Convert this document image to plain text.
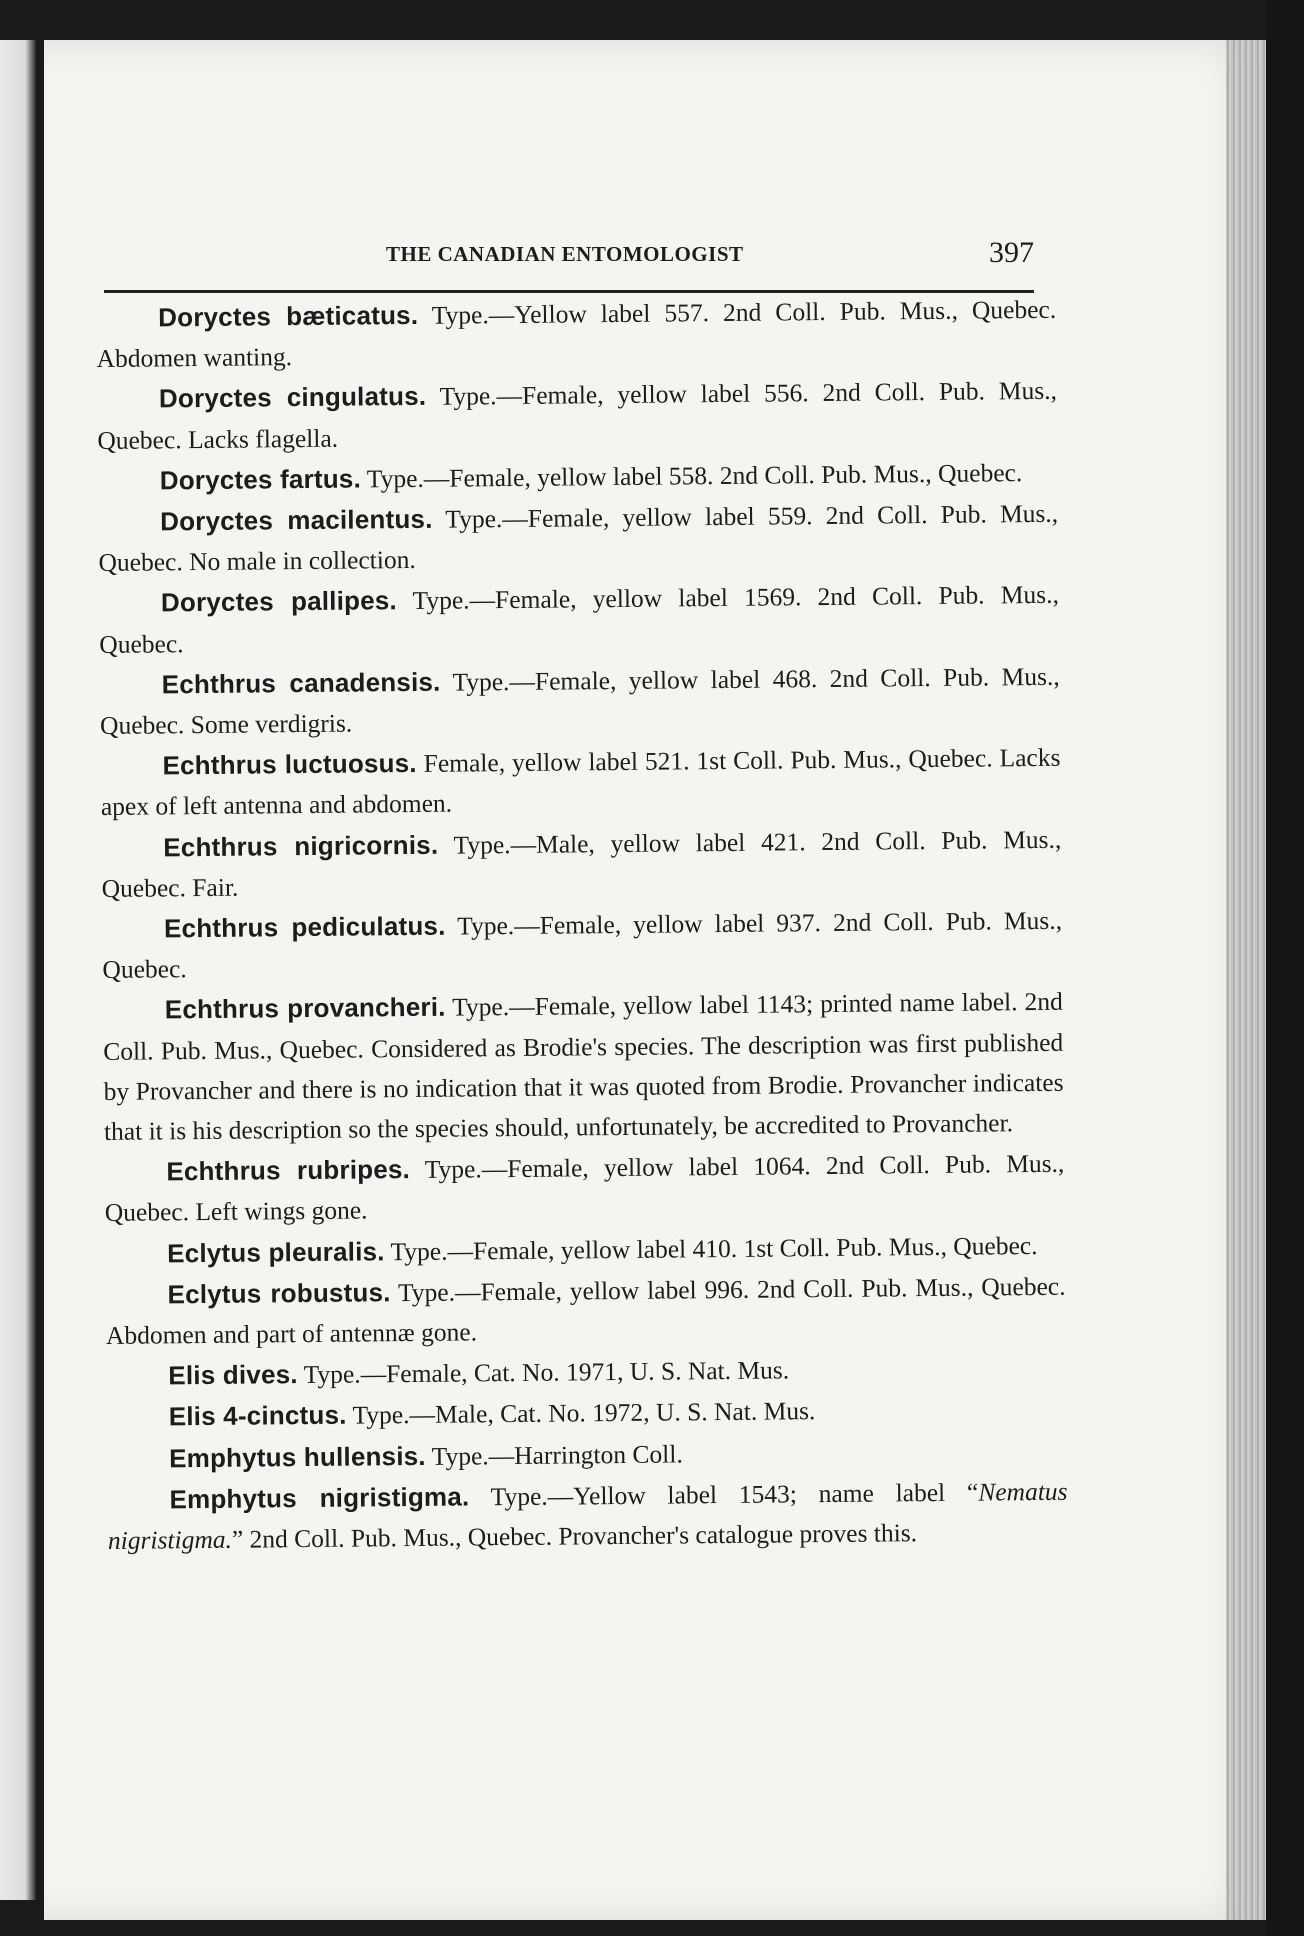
THE CANADIAN ENTOMOLOGIST	397

Doryctes bæticatus. Type.—Yellow label 557. 2nd Coll. Pub. Mus., Quebec. Abdomen wanting.

Doryctes cingulatus. Type.—Female, yellow label 556. 2nd Coll. Pub. Mus., Quebec. Lacks flagella.

Doryctes fartus. Type.—Female, yellow label 558. 2nd Coll. Pub. Mus., Quebec.

Doryctes macilentus. Type.—Female, yellow label 559. 2nd Coll. Pub. Mus., Quebec. No male in collection.

Doryctes pallipes. Type.—Female, yellow label 1569. 2nd Coll. Pub. Mus., Quebec.

Echthrus canadensis. Type.—Female, yellow label 468. 2nd Coll. Pub. Mus., Quebec. Some verdigris.

Echthrus luctuosus. Female, yellow label 521. 1st Coll. Pub. Mus., Quebec. Lacks apex of left antenna and abdomen.

Echthrus nigricornis. Type.—Male, yellow label 421. 2nd Coll. Pub. Mus., Quebec. Fair.

Echthrus pediculatus. Type.—Female, yellow label 937. 2nd Coll. Pub. Mus., Quebec.

Echthrus provancheri. Type.—Female, yellow label 1143; printed name label. 2nd Coll. Pub. Mus., Quebec. Considered as Brodie's species. The description was first published by Provancher and there is no indication that it was quoted from Brodie. Provancher indicates that it is his description so the species should, unfortunately, be accredited to Provancher.

Echthrus rubripes. Type.—Female, yellow label 1064. 2nd Coll. Pub. Mus., Quebec. Left wings gone.

Eclytus pleuralis. Type.—Female, yellow label 410. 1st Coll. Pub. Mus., Quebec.

Eclytus robustus. Type.—Female, yellow label 996. 2nd Coll. Pub. Mus., Quebec. Abdomen and part of antennæ gone.

Elis dives. Type.—Female, Cat. No. 1971, U. S. Nat. Mus.

Elis 4-cinctus. Type.—Male, Cat. No. 1972, U. S. Nat. Mus.

Emphytus hullensis. Type.—Harrington Coll.

Emphytus nigristigma. Type.—Yellow label 1543; name label “Nematus nigristigma.” 2nd Coll. Pub. Mus., Quebec. Provancher's catalogue proves this.
